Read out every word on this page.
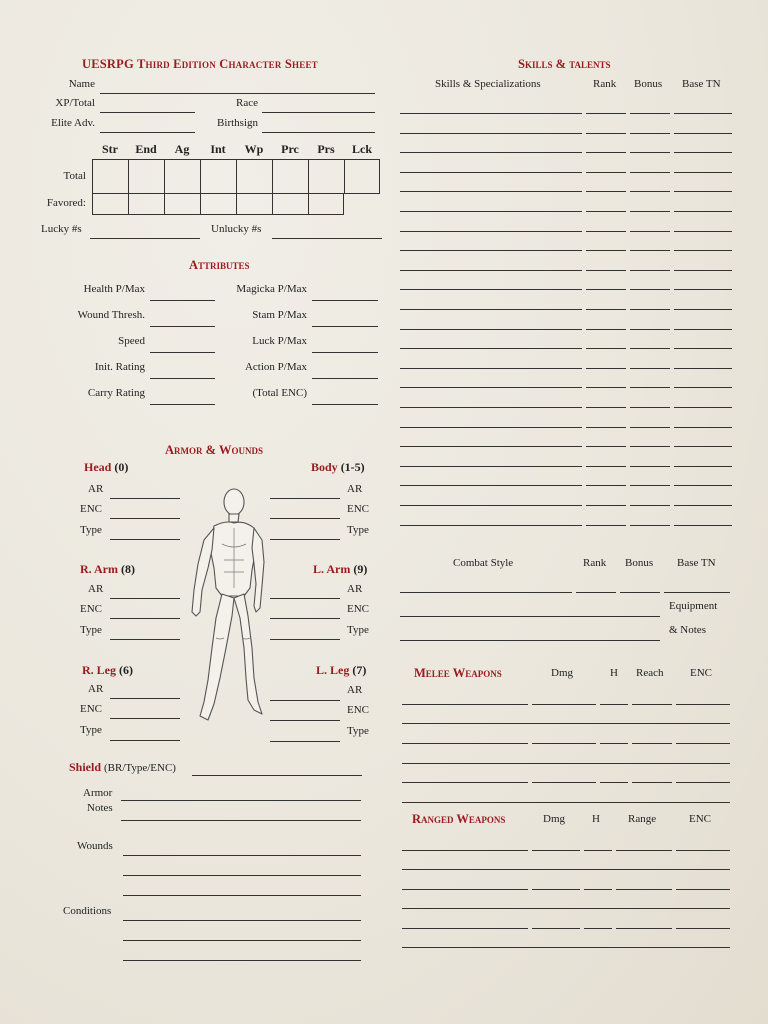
UESRPG Third Edition Character Sheet
Name
XP/Total	Race
Elite Adv.	Birthsign
Str	End	Ag	Int	Wp	Prc	Prs	Lck
Total
Favored:
Lucky #s	Unlucky #s
Attributes
Health P/Max
Wound Thresh.
Speed
Init. Rating
Carry Rating
Magicka P/Max
Stam P/Max
Luck P/Max
Action P/Max
(Total ENC)
Armor & Wounds
Head (0)
AR
ENC
Type
Body (1-5)
AR
ENC
Type
R. Arm (8)
AR
ENC
Type
L. Arm (9)
AR
ENC
Type
R. Leg (6)
AR
ENC
Type
L. Leg (7)
AR
ENC
Type
Shield (BR/Type/ENC)
Armor
Notes
Wounds
Conditions
Skills & talents
Skills & Specializations	Rank Bonus Base TN
Combat Style	Rank Bonus Base TN
Equipment
& Notes
Melee Weapons	Dmg	H Reach ENC
Ranged Weapons	Dmg H	Range	ENC
